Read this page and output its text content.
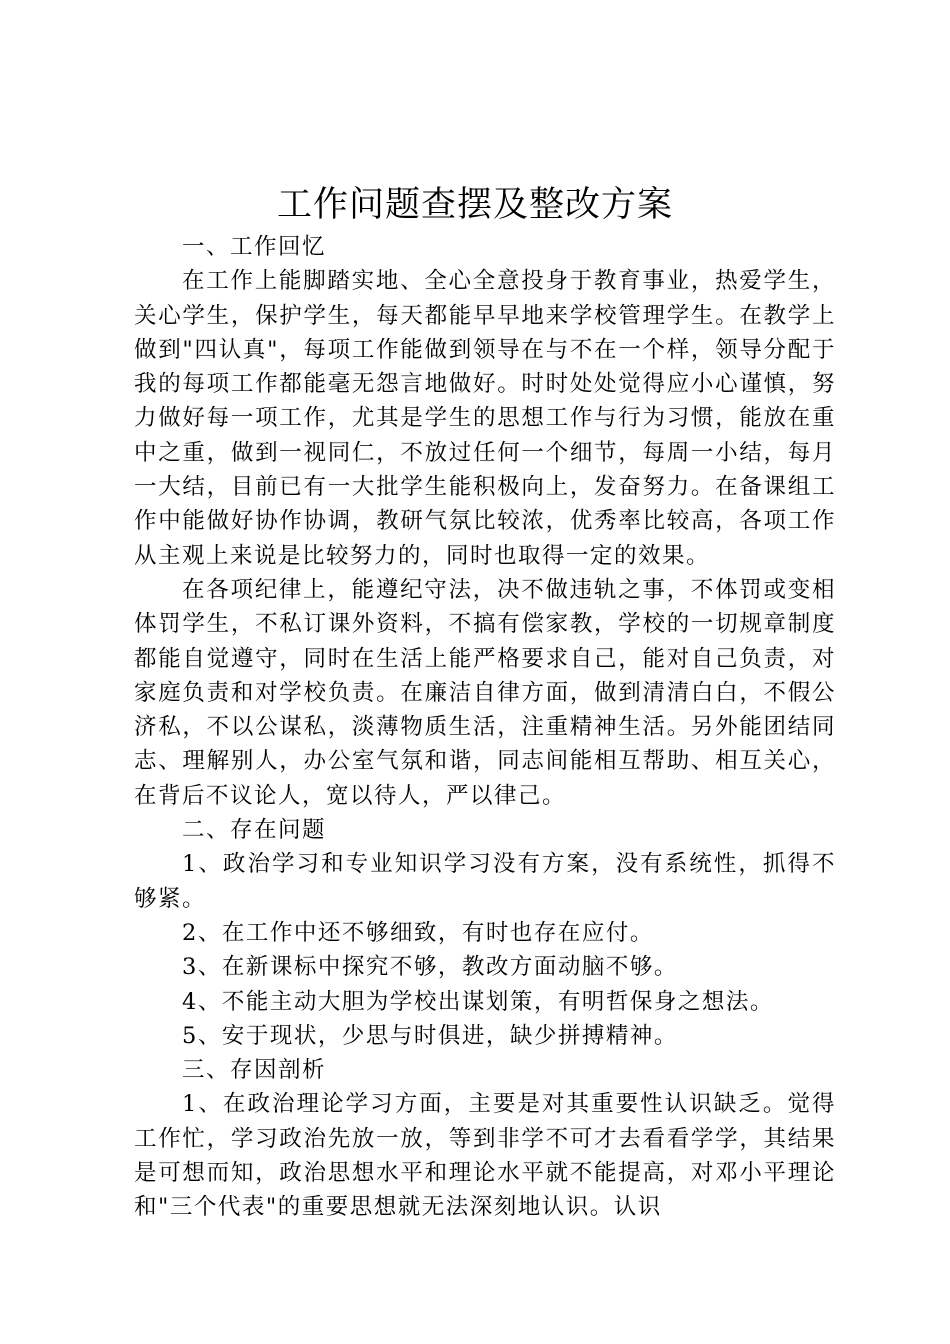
工作问题查摆及整改方案

一、工作回忆

在工作上能脚踏实地、全心全意投身于教育事业，热爱学生，关心学生，保护学生，每天都能早早地来学校管理学生。在教学上做到"四认真"，每项工作能做到领导在与不在一个样，领导分配于我的每项工作都能毫无怨言地做好。时时处处觉得应小心谨慎，努力做好每一项工作，尤其是学生的思想工作与行为习惯，能放在重中之重，做到一视同仁，不放过任何一个细节，每周一小结，每月一大结，目前已有一大批学生能积极向上，发奋努力。在备课组工作中能做好协作协调，教研气氛比较浓，优秀率比较高，各项工作从主观上来说是比较努力的，同时也取得一定的效果。

在各项纪律上，能遵纪守法，决不做违轨之事，不体罚或变相体罚学生，不私订课外资料，不搞有偿家教，学校的一切规章制度都能自觉遵守，同时在生活上能严格要求自己，能对自己负责，对家庭负责和对学校负责。在廉洁自律方面，做到清清白白，不假公济私，不以公谋私，淡薄物质生活，注重精神生活。另外能团结同志、理解别人，办公室气氛和谐，同志间能相互帮助、相互关心，在背后不议论人，宽以待人，严以律己。

二、存在问题

1、政治学习和专业知识学习没有方案，没有系统性，抓得不够紧。

2、在工作中还不够细致，有时也存在应付。

3、在新课标中探究不够，教改方面动脑不够。

4、不能主动大胆为学校出谋划策，有明哲保身之想法。

5、安于现状，少思与时俱进，缺少拼搏精神。

三、存因剖析

1、在政治理论学习方面，主要是对其重要性认识缺乏。觉得工作忙，学习政治先放一放，等到非学不可才去看看学学，其结果是可想而知，政治思想水平和理论水平就不能提高，对邓小平理论和"三个代表"的重要思想就无法深刻地认识。认识
